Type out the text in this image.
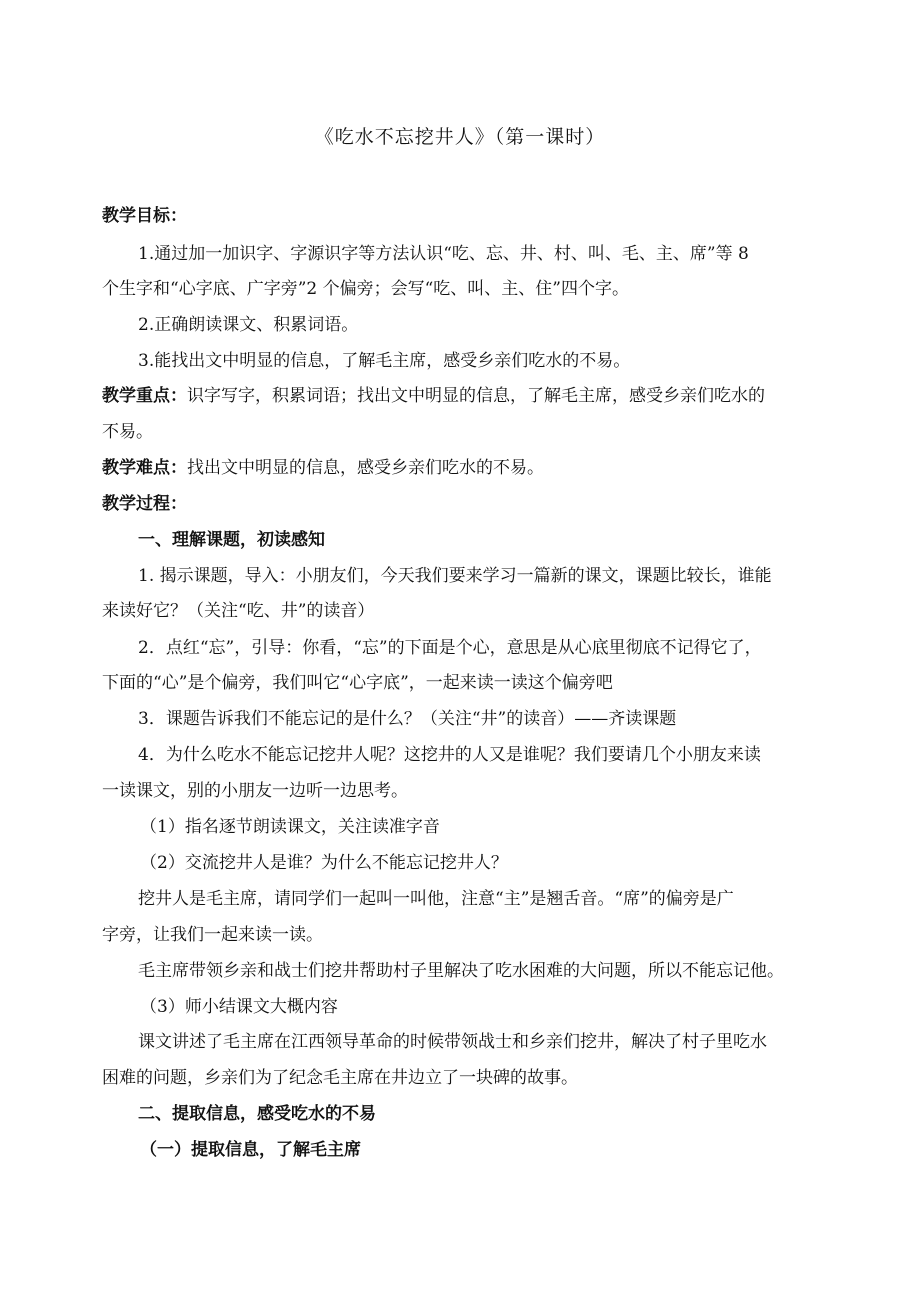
《吃水不忘挖井人》（第一课时）
教学目标：
1.通过加一加识字、字源识字等方法认识“吃、忘、井、村、叫、毛、主、席”等 8
个生字和“心字底、广字旁”2 个偏旁；会写“吃、叫、主、住”四个字。
2.正确朗读课文、积累词语。
3.能找出文中明显的信息，了解毛主席，感受乡亲们吃水的不易。
教学重点：识字写字，积累词语；找出文中明显的信息，了解毛主席，感受乡亲们吃水的
不易。
教学难点：找出文中明显的信息，感受乡亲们吃水的不易。
教学过程：
一、理解课题，初读感知
1. 揭示课题，导入：小朋友们，今天我们要来学习一篇新的课文，课题比较长，谁能
来读好它？（关注“吃、井”的读音）
2．点红“忘”，引导：你看，“忘”的下面是个心，意思是从心底里彻底不记得它了，
下面的“心”是个偏旁，我们叫它“心字底”，一起来读一读这个偏旁吧
3．课题告诉我们不能忘记的是什么？（关注“井”的读音）——齐读课题
4．为什么吃水不能忘记挖井人呢？这挖井的人又是谁呢？我们要请几个小朋友来读
一读课文，别的小朋友一边听一边思考。
（1）指名逐节朗读课文，关注读准字音
（2）交流挖井人是谁？为什么不能忘记挖井人？
挖井人是毛主席，请同学们一起叫一叫他，注意“主”是翘舌音。“席”的偏旁是广
字旁，让我们一起来读一读。
毛主席带领乡亲和战士们挖井帮助村子里解决了吃水困难的大问题，所以不能忘记他。
（3）师小结课文大概内容
课文讲述了毛主席在江西领导革命的时候带领战士和乡亲们挖井，解决了村子里吃水
困难的问题，乡亲们为了纪念毛主席在井边立了一块碑的故事。
二、提取信息，感受吃水的不易
（一）提取信息，了解毛主席
